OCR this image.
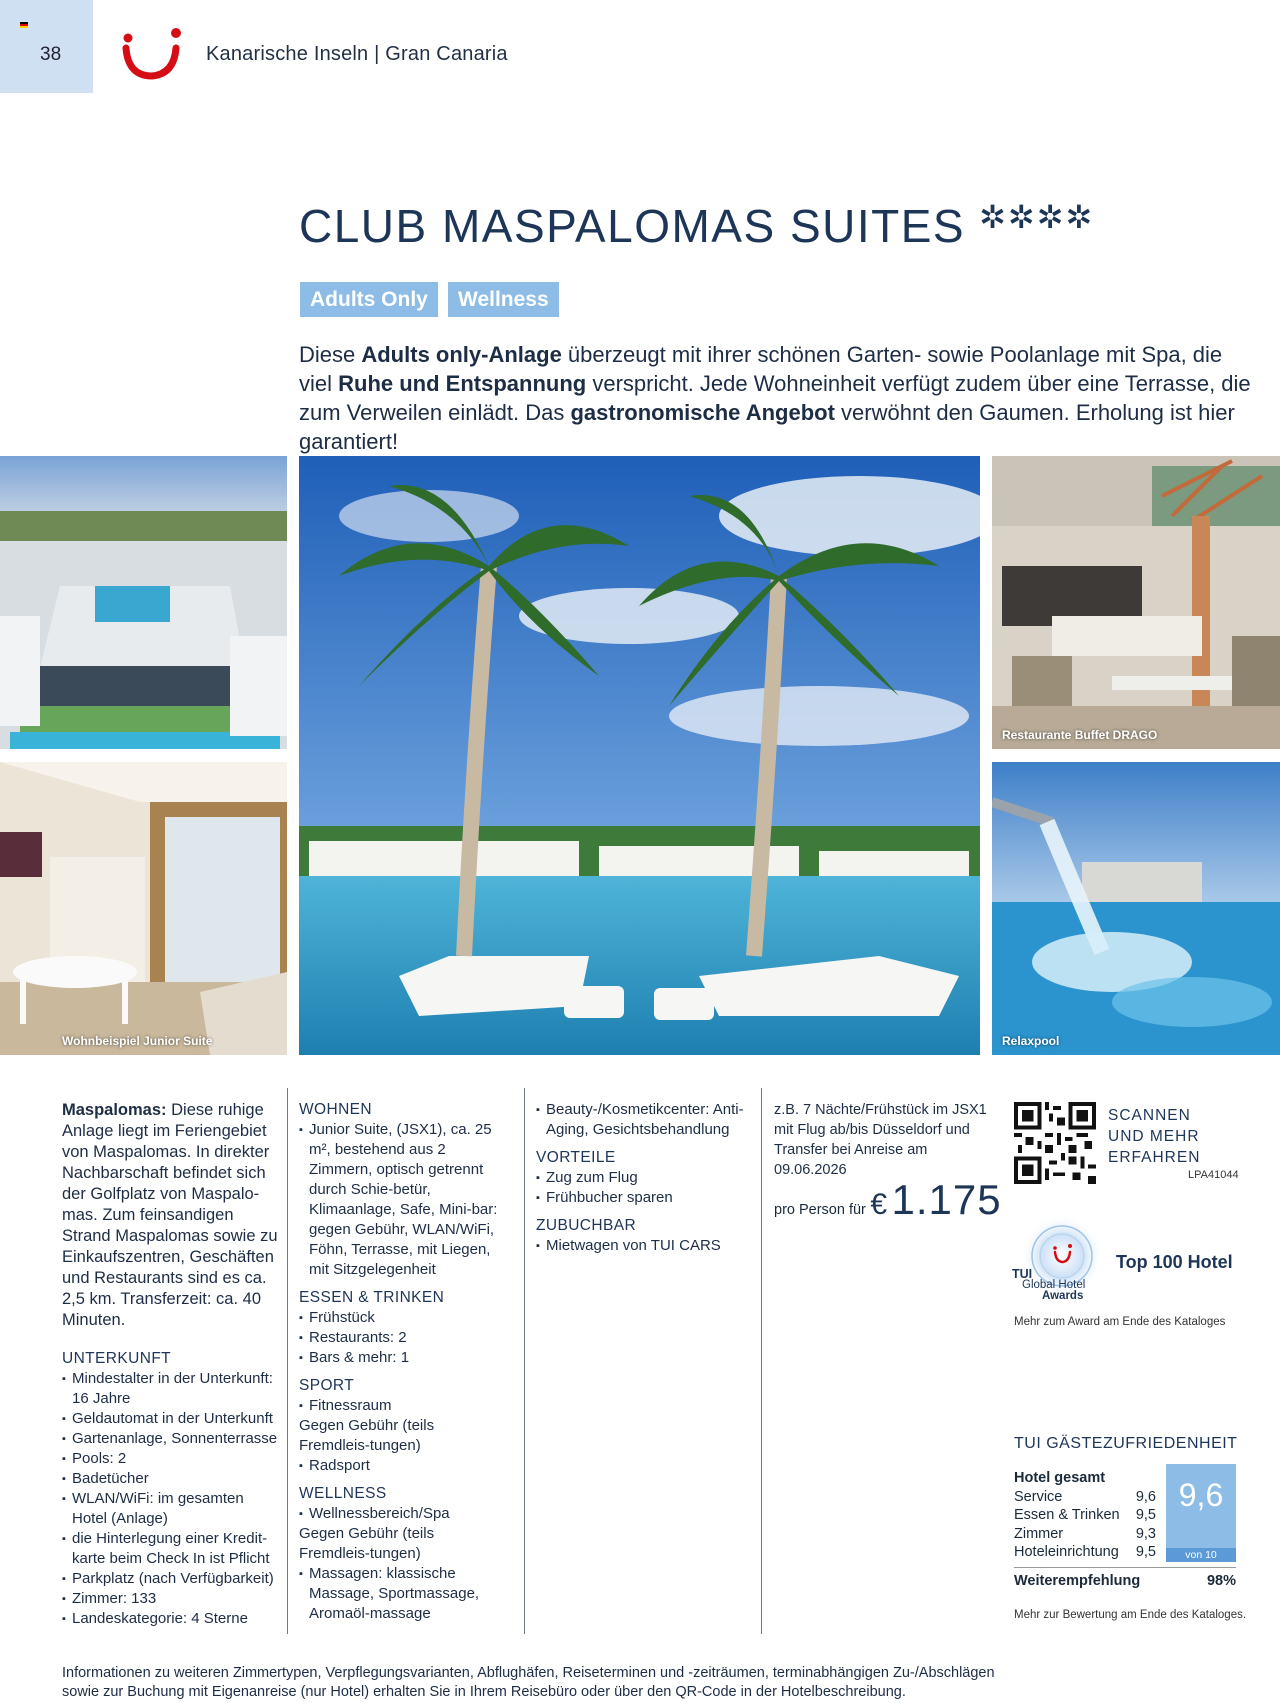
38	Kanarische Inseln | Gran Canaria
CLUB MASPALOMAS SUITES ✲✲✲✲
Adults Only	Wellness
Diese Adults only-Anlage überzeugt mit ihrer schönen Garten- sowie Poolanlage mit Spa, die viel Ruhe und Entspannung verspricht. Jede Wohneinheit verfügt zudem über eine Terrasse, die zum Verweilen einlädt. Das gastronomische Angebot verwöhnt den Gaumen. Erholung ist hier garantiert!
Wohnbeispiel Junior Suite
Restaurante Buffet DRAGO
Relaxpool
Maspalomas: Diese ruhige Anlage liegt im Feriengebiet von Maspalomas. In direkter Nachbarschaft befindet sich der Golfplatz von Maspalo-mas. Zum feinsandigen Strand Maspalomas sowie zu Einkaufszentren, Geschäften und Restaurants sind es ca. 2,5 km. Transferzeit: ca. 40 Minuten.
UNTERKUNFT
▪ Mindestalter in der Unterkunft: 16 Jahre
▪ Geldautomat in der Unterkunft
▪ Gartenanlage, Sonnenterrasse
▪ Pools: 2
▪ Badetücher
▪ WLAN/WiFi: im gesamten Hotel (Anlage)
▪ die Hinterlegung einer Kredit-karte beim Check In ist Pflicht
▪ Parkplatz (nach Verfügbarkeit)
▪ Zimmer: 133
▪ Landeskategorie: 4 Sterne
WOHNEN
▪ Junior Suite, (JSX1), ca. 25 m², bestehend aus 2 Zimmern, optisch getrennt durch Schie-betür, Klimaanlage, Safe, Mini-bar: gegen Gebühr, WLAN/WiFi, Föhn, Terrasse, mit Liegen, mit Sitzgelegenheit
ESSEN & TRINKEN
▪ Frühstück
▪ Restaurants: 2
▪ Bars & mehr: 1
SPORT
▪ Fitnessraum
Gegen Gebühr (teils Fremdleis-tungen)
▪ Radsport
WELLNESS
▪ Wellnessbereich/Spa
Gegen Gebühr (teils Fremdleis-tungen)
▪ Massagen: klassische Massage, Sportmassage, Aromaöl-massage
▪ Beauty-/Kosmetikcenter: Anti-Aging, Gesichtsbehandlung
VORTEILE
▪ Zug zum Flug
▪ Frühbucher sparen
ZUBUCHBAR
▪ Mietwagen von TUI CARS
z.B. 7 Nächte/Frühstück im JSX1 mit Flug ab/bis Düsseldorf und Transfer bei Anreise am 09.06.2026
pro Person für € 1.175
SCANNEN
UND MEHR
ERFAHREN
LPA41044
TUI
Global Hotel
Awards
Top 100 Hotel
Mehr zum Award am Ende des Kataloges
TUI GÄSTEZUFRIEDENHEIT
Hotel gesamt
Service	9,6
Essen & Trinken 9,5
Zimmer	9,3
Hoteleinrichtung 9,5
9,6
von 10
Weiterempfehlung	98%
Mehr zur Bewertung am Ende des Kataloges.
Informationen zu weiteren Zimmertypen, Verpflegungsvarianten, Abflughäfen, Reiseterminen und -zeiträumen, terminabhängigen Zu-/Abschlägen sowie zur Buchung mit Eigenanreise (nur Hotel) erhalten Sie in Ihrem Reisebüro oder über den QR-Code in der Hotelbeschreibung.
